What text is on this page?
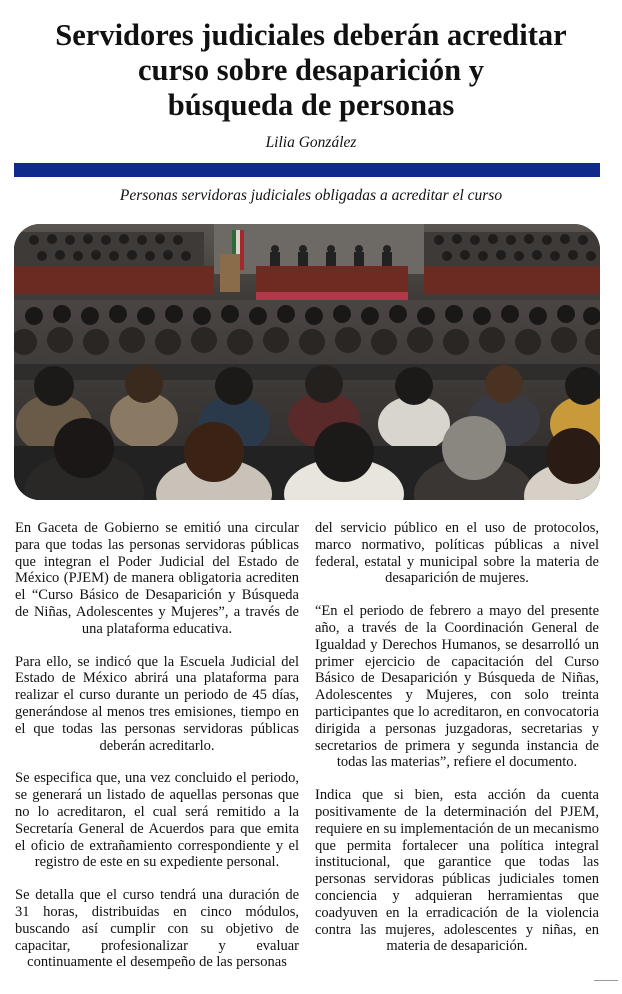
Servidores judiciales deberán acreditar
curso sobre desaparición y
búsqueda de personas
Lilia González
Personas servidoras judiciales obligadas a acreditar el curso

En Gaceta de Gobierno se emitió una circular para que todas las personas servidoras públicas que integran el Poder Judicial del Estado de México (PJEM) de manera obligatoria acrediten el “Curso Básico de Desaparición y Búsqueda de Niñas, Adolescentes y Mujeres”, a través de una plataforma educativa.

Para ello, se indicó que la Escuela Judicial del Estado de México abrirá una plataforma para realizar el curso durante un periodo de 45 días, generándose al menos tres emisiones, tiempo en el que todas las personas servidoras públicas deberán acreditarlo.

Se especifica que, una vez concluido el periodo, se generará un listado de aquellas personas que no lo acreditaron, el cual será remitido a la Secretaría General de Acuerdos para que emita el oficio de extrañamiento correspondiente y el registro de este en su expediente personal.

Se detalla que el curso tendrá una duración de 31 horas, distribuidas en cinco módulos, buscando así cumplir con su objetivo de capacitar, profesionalizar y evaluar continuamente el desempeño de las personas

del servicio público en el uso de protocolos, marco normativo, políticas públicas a nivel federal, estatal y municipal sobre la materia de desaparición de mujeres.

“En el periodo de febrero a mayo del presente año, a través de la Coordinación General de Igualdad y Derechos Humanos, se desarrolló un primer ejercicio de capacitación del Curso Básico de Desaparición y Búsqueda de Niñas, Adolescentes y Mujeres, con solo treinta participantes que lo acreditaron, en convocatoria dirigida a personas juzgadoras, secretarias y secretarios de primera y segunda instancia de todas las materias”, refiere el documento.

Indica que si bien, esta acción da cuenta positivamente de la determinación del PJEM, requiere en su implementación de un mecanismo que permita fortalecer una política integral institucional, que garantice que todas las personas servidoras públicas judiciales tomen conciencia y adquieran herramientas que coadyuven en la erradicación de la violencia contra las mujeres, adolescentes y niñas, en materia de desaparición.
